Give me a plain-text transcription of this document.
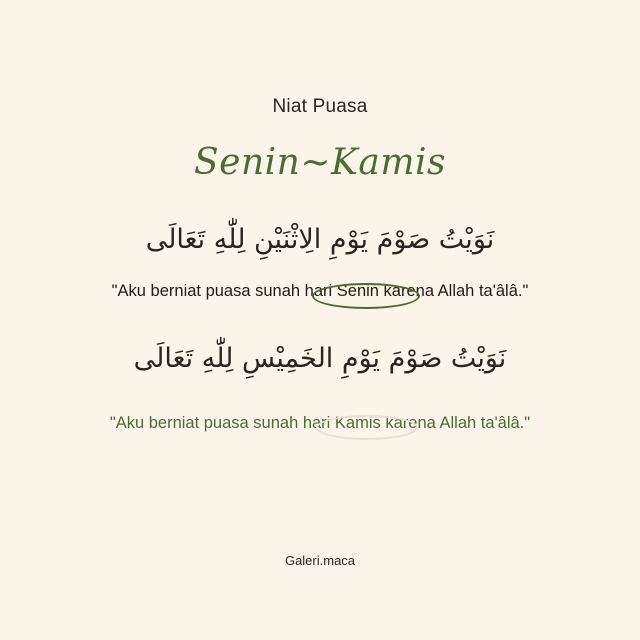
Niat Puasa
Senin~Kamis
نَوَيْتُ صَوْمَ يَوْمِ الِاثْنَيْنِ لِلّٰهِ تَعَالَى
"Aku berniat puasa sunah hari Senin karena Allah ta'âlâ."
نَوَيْتُ صَوْمَ يَوْمِ الخَمِيْسِ لِلّٰهِ تَعَالَى
"Aku berniat puasa sunah hari Kamis karena Allah ta'âlâ."
Galeri.maca
